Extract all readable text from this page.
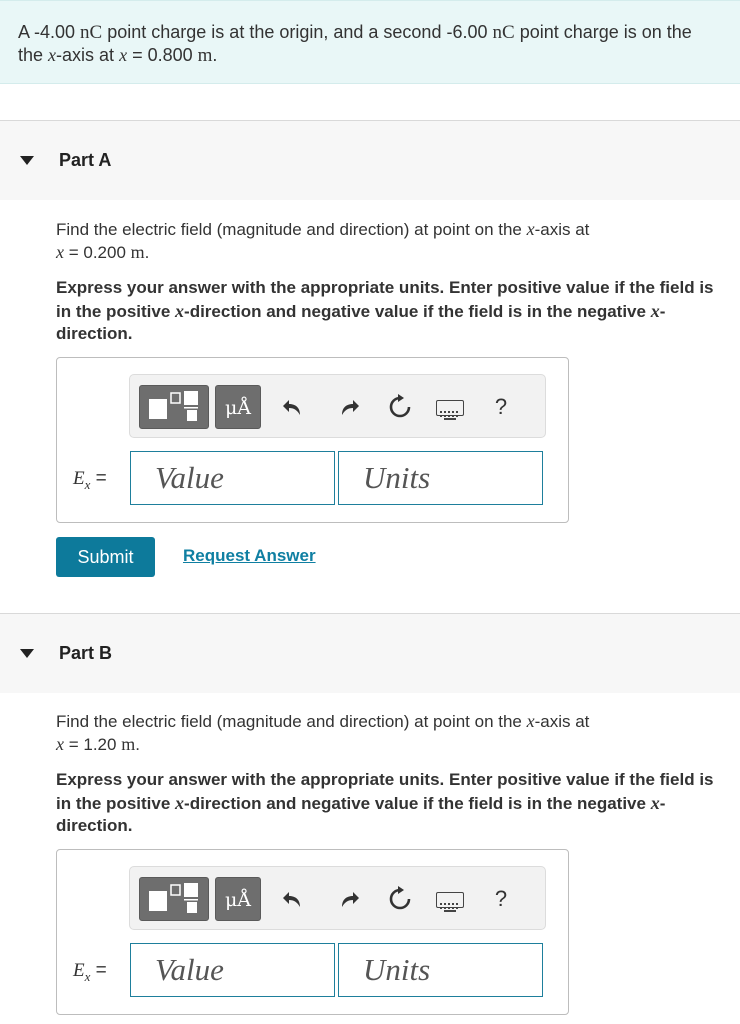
A -4.00 nC point charge is at the origin, and a second -6.00 nC point charge is on the
the x-axis at x = 0.800 m.
Part A
Find the electric field (magnitude and direction) at point on the x-axis at
x = 0.200 m.
Express your answer with the appropriate units. Enter positive value if the field is in the positive x-direction and negative value if the field is in the negative x-direction.
μÅ	?
$E_x$ =	Value	Units
Submit	Request Answer
Part B
Find the electric field (magnitude and direction) at point on the x-axis at
x = 1.20 m.
Express your answer with the appropriate units. Enter positive value if the field is in the positive x-direction and negative value if the field is in the negative x-direction.
μÅ	?
$E_x$ =	Value	Units
